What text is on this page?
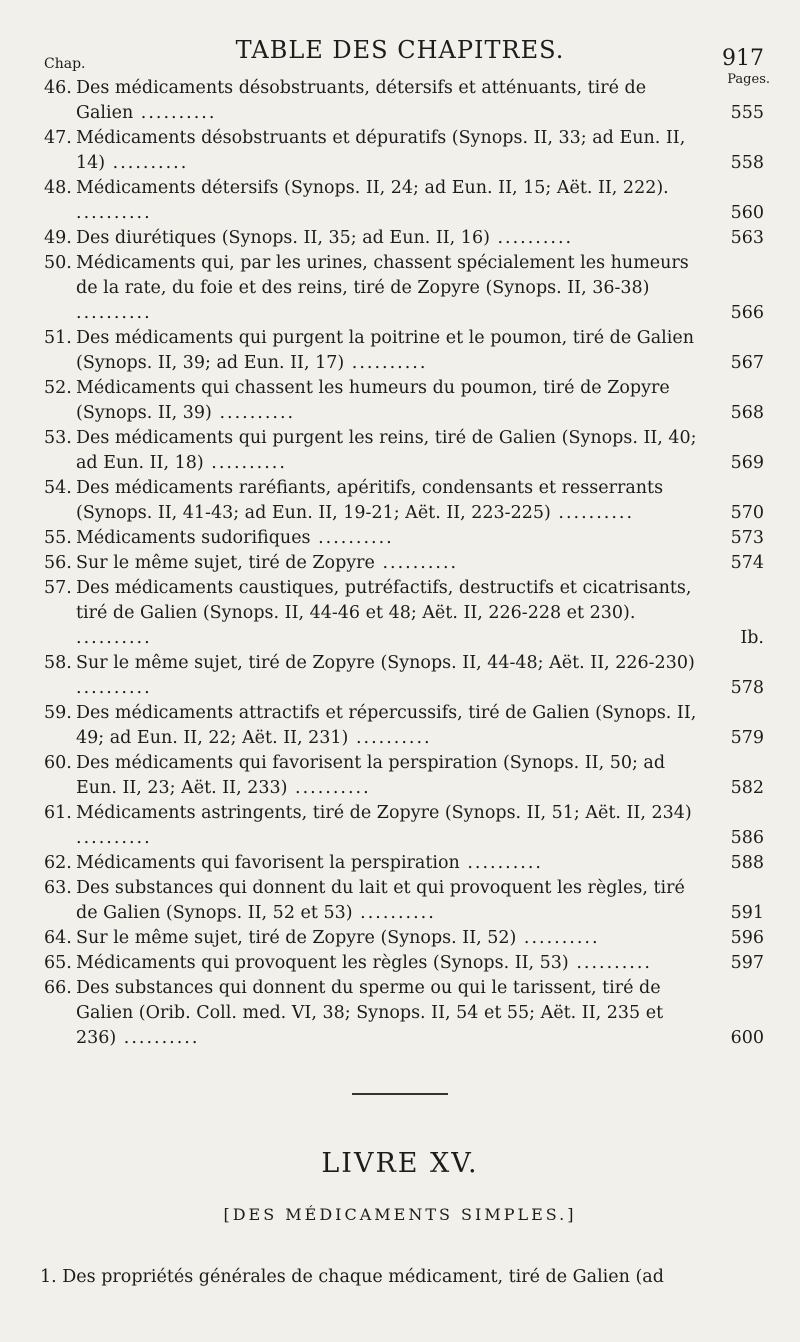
TABLE DES CHAPITRES.	917
Chap.
Pages.
46. Des médicaments désobstruants, détersifs et atténuants, tiré de Galien ..........	555
47. Médicaments désobstruants et dépuratifs (Synops. II, 33; ad Eun. II, 14) ..........	558
48. Médicaments détersifs (Synops. II, 24; ad Eun. II, 15; Aët. II, 222). ..........	560
49. Des diurétiques (Synops. II, 35; ad Eun. II, 16) ..........	563
50. Médicaments qui, par les urines, chassent spécialement les humeurs de la rate, du foie et des reins, tiré de Zopyre (Synops. II, 36-38) ..........	566
51. Des médicaments qui purgent la poitrine et le poumon, tiré de Galien (Synops. II, 39; ad Eun. II, 17) ..........	567
52. Médicaments qui chassent les humeurs du poumon, tiré de Zopyre (Synops. II, 39) ..........	568
53. Des médicaments qui purgent les reins, tiré de Galien (Synops. II, 40; ad Eun. II, 18) ..........	569
54. Des médicaments raréfiants, apéritifs, condensants et resserrants (Synops. II, 41-43; ad Eun. II, 19-21; Aët. II, 223-225) ..........	570
55. Médicaments sudorifiques ..........	573
56. Sur le même sujet, tiré de Zopyre ..........	574
57. Des médicaments caustiques, putréfactifs, destructifs et cicatrisants, tiré de Galien (Synops. II, 44-46 et 48; Aët. II, 226-228 et 230). ..........	Ib.
58. Sur le même sujet, tiré de Zopyre (Synops. II, 44-48; Aët. II, 226-230) ..........	578
59. Des médicaments attractifs et répercussifs, tiré de Galien (Synops. II, 49; ad Eun. II, 22; Aët. II, 231) ..........	579
60. Des médicaments qui favorisent la perspiration (Synops. II, 50; ad Eun. II, 23; Aët. II, 233) ..........	582
61. Médicaments astringents, tiré de Zopyre (Synops. II, 51; Aët. II, 234) ..........	586
62. Médicaments qui favorisent la perspiration ..........	588
63. Des substances qui donnent du lait et qui provoquent les règles, tiré de Galien (Synops. II, 52 et 53) ..........	591
64. Sur le même sujet, tiré de Zopyre (Synops. II, 52) ..........	596
65. Médicaments qui provoquent les règles (Synops. II, 53) ..........	597
66. Des substances qui donnent du sperme ou qui le tarissent, tiré de Galien (Orib. Coll. med. VI, 38; Synops. II, 54 et 55; Aët. II, 235 et 236) ..........	600
LIVRE XV.
[DES MÉDICAMENTS SIMPLES.]
1. Des propriétés générales de chaque médicament, tiré de Galien (ad
